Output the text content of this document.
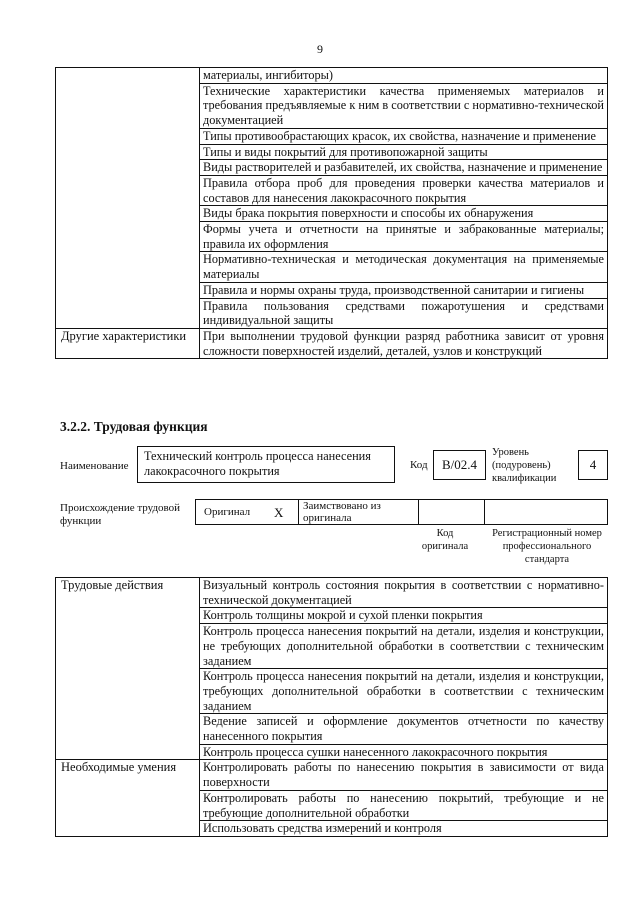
9
	материалы, ингибиторы)
	Технические характеристики качества применяемых материалов и требования предъявляемые к ним в соответствии с нормативно-технической документацией
	Типы противообрастающих красок, их свойства, назначение и применение
	Типы и виды покрытий для противопожарной защиты
	Виды растворителей и разбавителей, их свойства, назначение и применение
	Правила отбора проб для проведения проверки качества материалов и составов для нанесения лакокрасочного покрытия
	Виды брака покрытия поверхности и способы их обнаружения
	Формы учета и отчетности на принятые и забракованные материалы; правила их оформления
	Нормативно-техническая и методическая документация на применяемые материалы
	Правила и нормы охраны труда, производственной санитарии и гигиены
	Правила пользования средствами пожаротушения и средствами индивидуальной защиты
Другие характеристики	При выполнении трудовой функции разряд работника зависит от уровня сложности поверхностей изделий, деталей, узлов и конструкций
3.2.2. Трудовая функция
Наименование
Технический контроль процесса нанесения лакокрасочного покрытия	Код	B/02.4
Уровень (подуровень) квалификации
4
Происхождение трудовой функции
Оригинал X	Заимствовано из оригинала
Код оригинала
Регистрационный номер профессионального стандарта
Трудовые действия	Визуальный контроль состояния покрытия в соответствии с нормативно-технической документацией
	Контроль толщины мокрой и сухой пленки покрытия
	Контроль процесса нанесения покрытий на детали, изделия и конструкции, не требующих дополнительной обработки в соответствии с техническим заданием
	Контроль процесса нанесения покрытий на детали, изделия и конструкции, требующих дополнительной обработки в соответствии с техническим заданием
	Ведение записей и оформление документов отчетности по качеству нанесенного покрытия
	Контроль процесса сушки нанесенного лакокрасочного покрытия
Необходимые умения	Контролировать работы по нанесению покрытия в зависимости от вида поверхности
	Контролировать работы по нанесению покрытий, требующие и не требующие дополнительной обработки
	Использовать средства измерений и контроля
